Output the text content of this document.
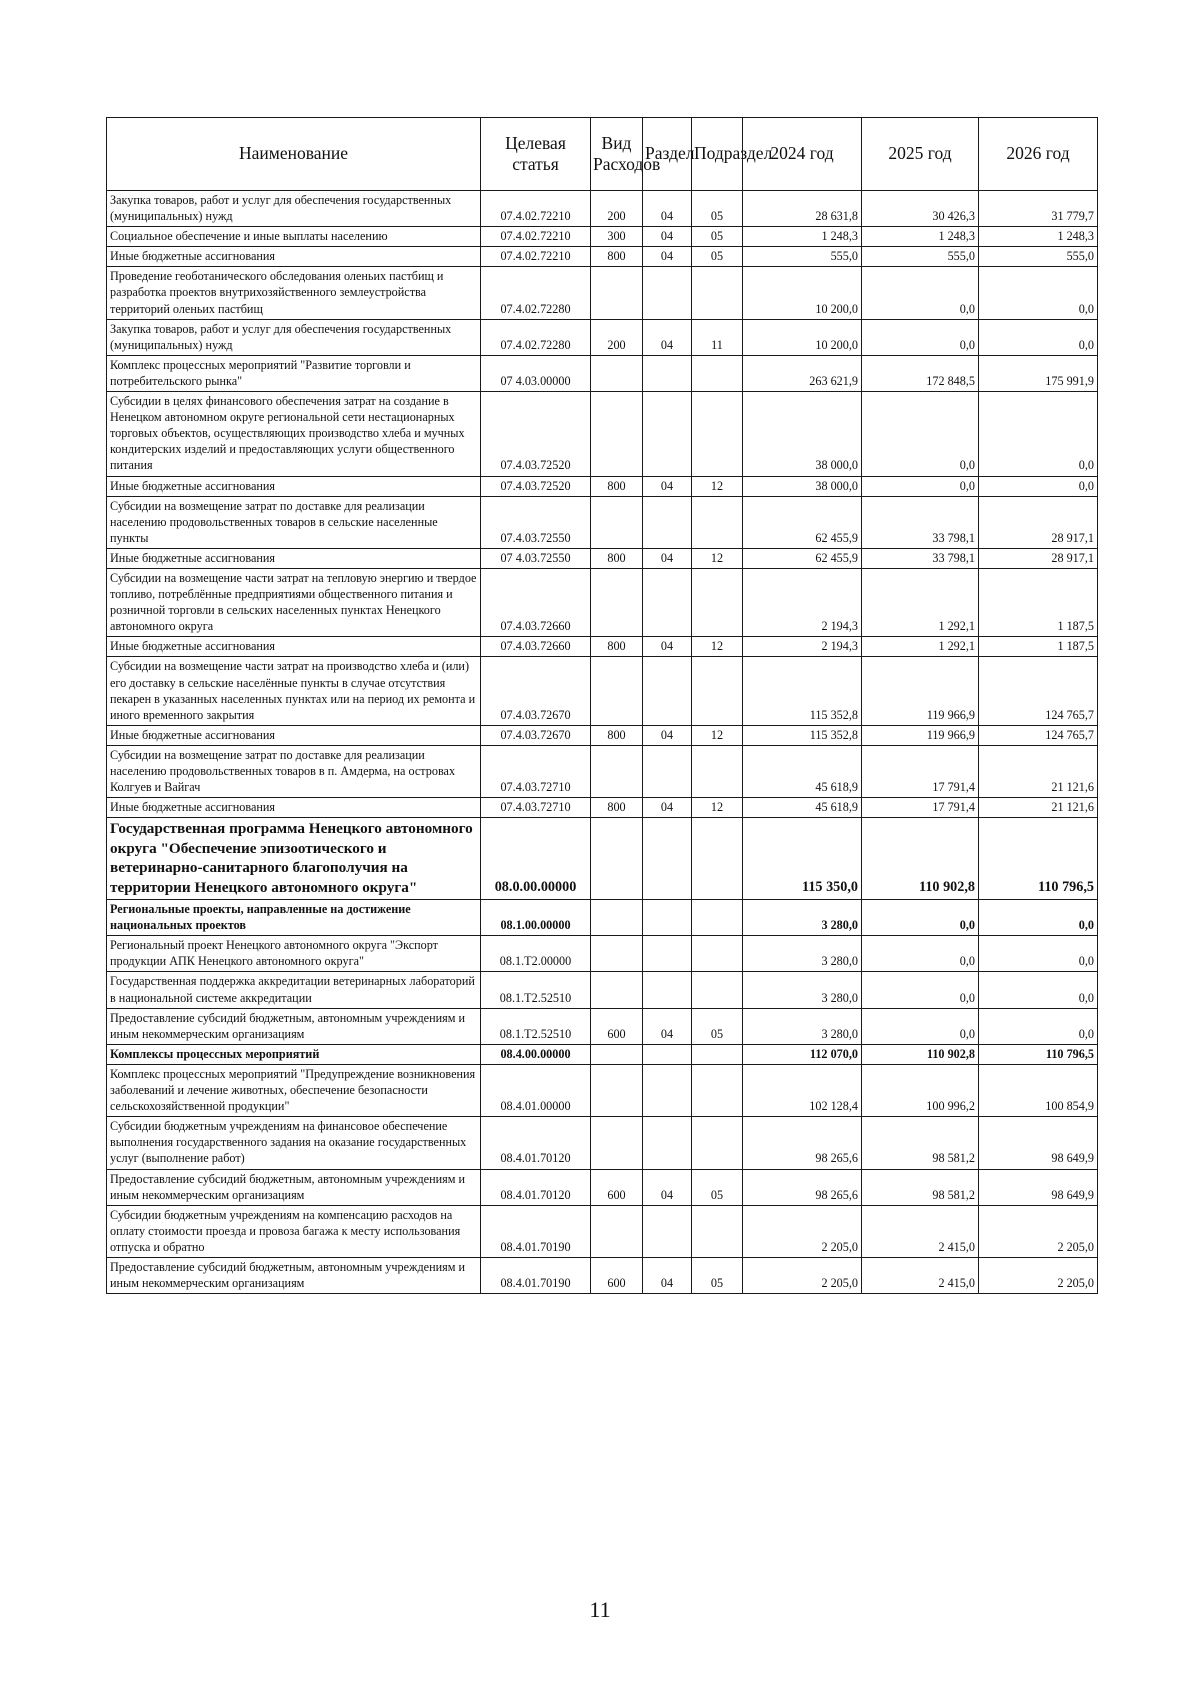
Наименование	Целевая статья	Вид Расходов	Раздел	Подраздел	2024 год	2025 год	2026 год
Закупка товаров, работ и услуг для обеспечения государственных (муниципальных) нужд	07.4.02.72210	200	04	05	28 631,8	30 426,3	31 779,7
Социальное обеспечение и иные выплаты населению	07.4.02.72210	300	04	05	1 248,3	1 248,3	1 248,3
Иные бюджетные ассигнования	07.4.02.72210	800	04	05	555,0	555,0	555,0
Проведение геоботанического обследования оленьих пастбищ и разработка проектов внутрихозяйственного землеустройства территорий оленьих пастбищ	07.4.02.72280				10 200,0	0,0	0,0
Закупка товаров, работ и услуг для обеспечения государственных (муниципальных) нужд	07.4.02.72280	200	04	11	10 200,0	0,0	0,0
Комплекс процессных мероприятий "Развитие торговли и потребительского рынка"	07 4.03.00000				263 621,9	172 848,5	175 991,9
Субсидии в целях финансового обеспечения затрат на создание в Ненецком автономном округе региональной сети нестационарных торговых объектов, осуществляющих производство хлеба и мучных кондитерских изделий и предоставляющих услуги общественного питания	07.4.03.72520				38 000,0	0,0	0,0
Иные бюджетные ассигнования	07.4.03.72520	800	04	12	38 000,0	0,0	0,0
Субсидии на возмещение затрат по доставке для реализации населению продовольственных товаров в сельские населенные пункты	07.4.03.72550				62 455,9	33 798,1	28 917,1
Иные бюджетные ассигнования	07 4.03.72550	800	04	12	62 455,9	33 798,1	28 917,1
Субсидии на возмещение части затрат на тепловую энергию и твердое топливо, потреблённые предприятиями общественного питания и розничной торговли в сельских населенных пунктах Ненецкого автономного округа	07.4.03.72660				2 194,3	1 292,1	1 187,5
Иные бюджетные ассигнования	07.4.03.72660	800	04	12	2 194,3	1 292,1	1 187,5
Субсидии на возмещение части затрат на производство хлеба и (или) его доставку в сельские населённые пункты в случае отсутствия пекарен в указанных населенных пунктах или на период их ремонта и иного временного закрытия	07.4.03.72670				115 352,8	119 966,9	124 765,7
Иные бюджетные ассигнования	07.4.03.72670	800	04	12	115 352,8	119 966,9	124 765,7
Субсидии на возмещение затрат по доставке для реализации населению продовольственных товаров в п. Амдерма, на островах Колгуев и Вайгач	07.4.03.72710				45 618,9	17 791,4	21 121,6
Иные бюджетные ассигнования	07.4.03.72710	800	04	12	45 618,9	17 791,4	21 121,6
Государственная программа Ненецкого автономного округа "Обеспечение эпизоотического и ветеринарно-санитарного благополучия на территории Ненецкого автономного округа"	08.0.00.00000				115 350,0	110 902,8	110 796,5
Региональные проекты, направленные на достижение национальных проектов	08.1.00.00000				3 280,0	0,0	0,0
Региональный проект Ненецкого автономного округа "Экспорт продукции АПК Ненецкого автономного округа"	08.1.Т2.00000				3 280,0	0,0	0,0
Государственная поддержка аккредитации ветеринарных лабораторий в национальной системе аккредитации	08.1.Т2.52510				3 280,0	0,0	0,0
Предоставление субсидий бюджетным, автономным учреждениям и иным некоммерческим организациям	08.1.Т2.52510	600	04	05	3 280,0	0,0	0,0
Комплексы процессных мероприятий	08.4.00.00000				112 070,0	110 902,8	110 796,5
Комплекс процессных мероприятий "Предупреждение возникновения заболеваний и лечение животных, обеспечение безопасности сельскохозяйственной продукции"	08.4.01.00000				102 128,4	100 996,2	100 854,9
Субсидии бюджетным учреждениям на финансовое обеспечение выполнения государственного задания на оказание государственных услуг (выполнение работ)	08.4.01.70120				98 265,6	98 581,2	98 649,9
Предоставление субсидий бюджетным, автономным учреждениям и иным некоммерческим организациям	08.4.01.70120	600	04	05	98 265,6	98 581,2	98 649,9
Субсидии бюджетным учреждениям на компенсацию расходов на оплату стоимости проезда и провоза багажа к месту использования отпуска и обратно	08.4.01.70190				2 205,0	2 415,0	2 205,0
Предоставление субсидий бюджетным, автономным учреждениям и иным некоммерческим организациям	08.4.01.70190	600	04	05	2 205,0	2 415,0	2 205,0
11
